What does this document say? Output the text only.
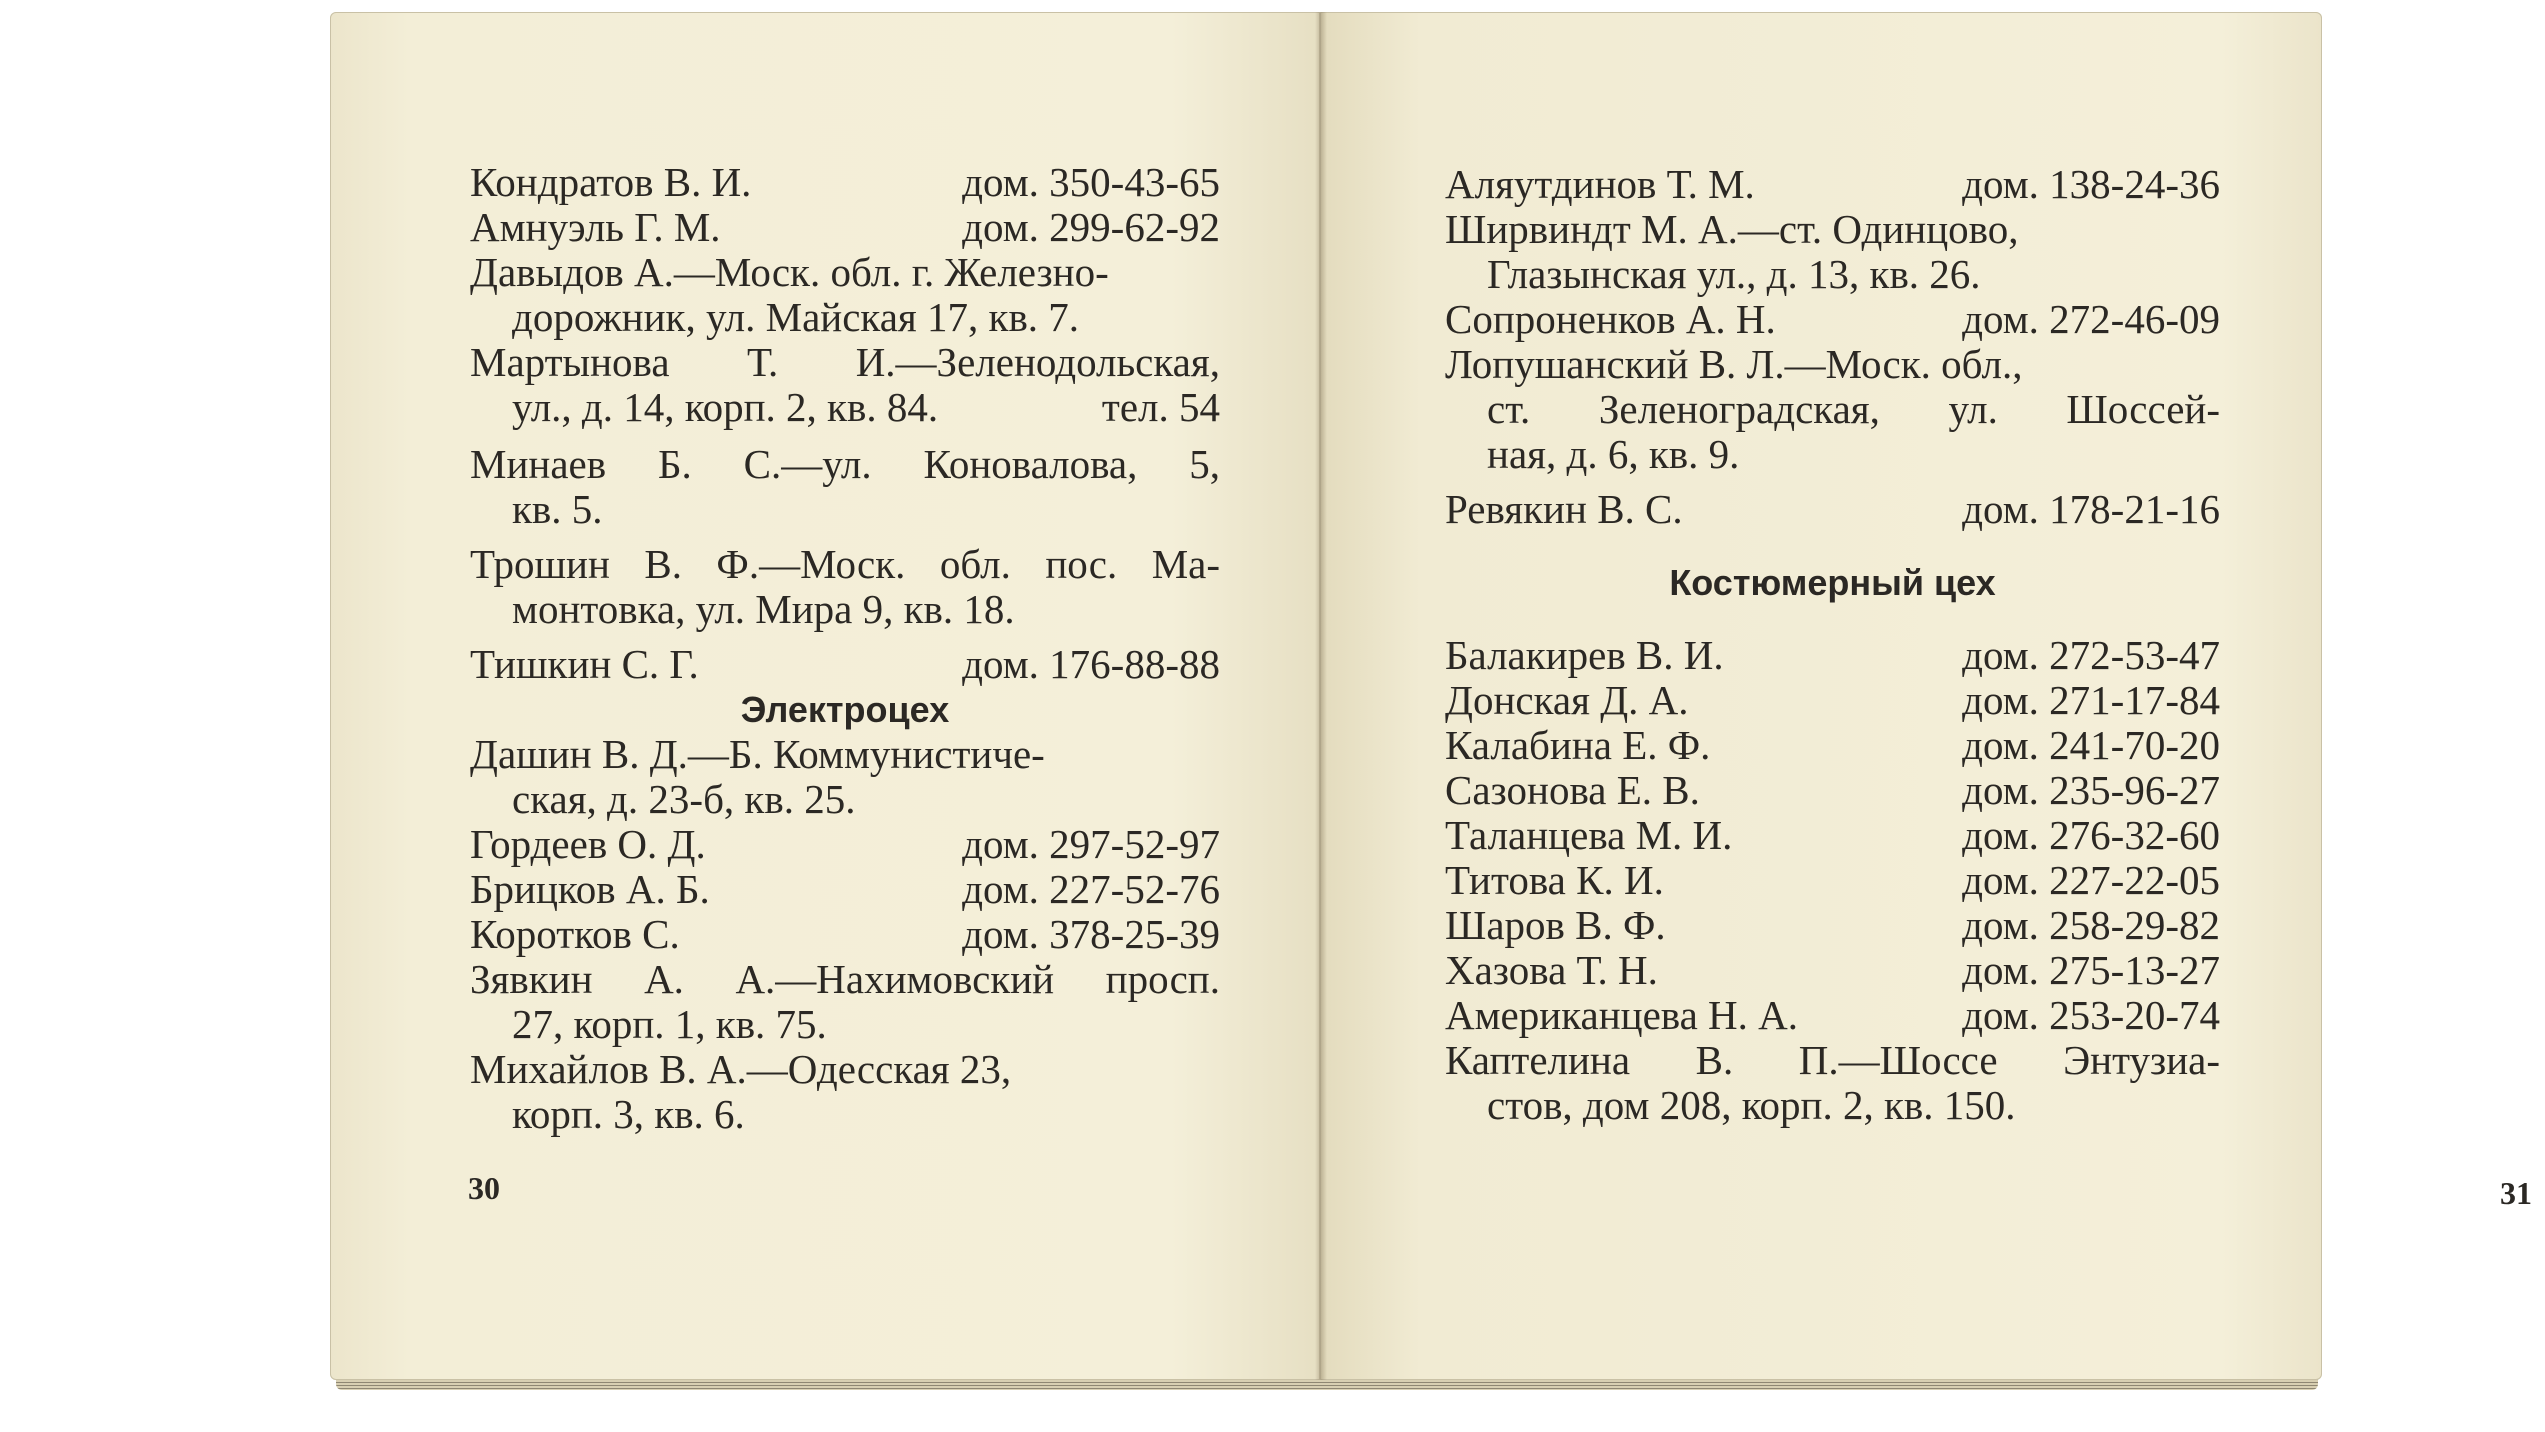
Кондратов В. И.	дом. 350-43-65
Амнуэль Г. М.	дом. 299-62-92
Давыдов А.—Моск. обл. г. Железно-
дорожник, ул. Майская 17, кв. 7.
Мартынова Т. И.—Зеленодольская,
ул., д. 14, корп. 2, кв. 84.	тел. 54
Минаев Б. С.—ул. Коновалова, 5,
кв. 5.
Трошин В. Ф.—Моск. обл. пос. Ма-
монтовка, ул. Мира 9, кв. 18.
Тишкин С. Г.	дом. 176-88-88
Электроцех
Дашин В. Д.—Б. Коммунистиче-
ская, д. 23-б, кв. 25.
Гордеев О. Д.	дом. 297-52-97
Брицков А. Б.	дом. 227-52-76
Коротков С.	дом. 378-25-39
Зявкин А. А.—Нахимовский просп.
27, корп. 1, кв. 75.
Михайлов В. А.—Одесская 23,
корп. 3, кв. 6.
30
Аляутдинов Т. М.	дом. 138-24-36
Ширвиндт М. А.—ст. Одинцово,
Глазынская ул., д. 13, кв. 26.
Сопроненков А. Н.	дом. 272-46-09
Лопушанский В. Л.—Моск. обл.,
ст. Зеленоградская, ул. Шоссей-
ная, д. 6, кв. 9.
Ревякин В. С.	дом. 178-21-16
Костюмерный цех
Балакирев В. И.	дом. 272-53-47
Донская Д. А.	дом. 271-17-84
Калабина Е. Ф.	дом. 241-70-20
Сазонова Е. В.	дом. 235-96-27
Таланцева М. И.	дом. 276-32-60
Титова К. И.	дом. 227-22-05
Шаров В. Ф.	дом. 258-29-82
Хазова Т. Н.	дом. 275-13-27
Американцева Н. А.	дом. 253-20-74
Каптелина В. П.—Шоссе Энтузиа-
стов, дом 208, корп. 2, кв. 150.
31
